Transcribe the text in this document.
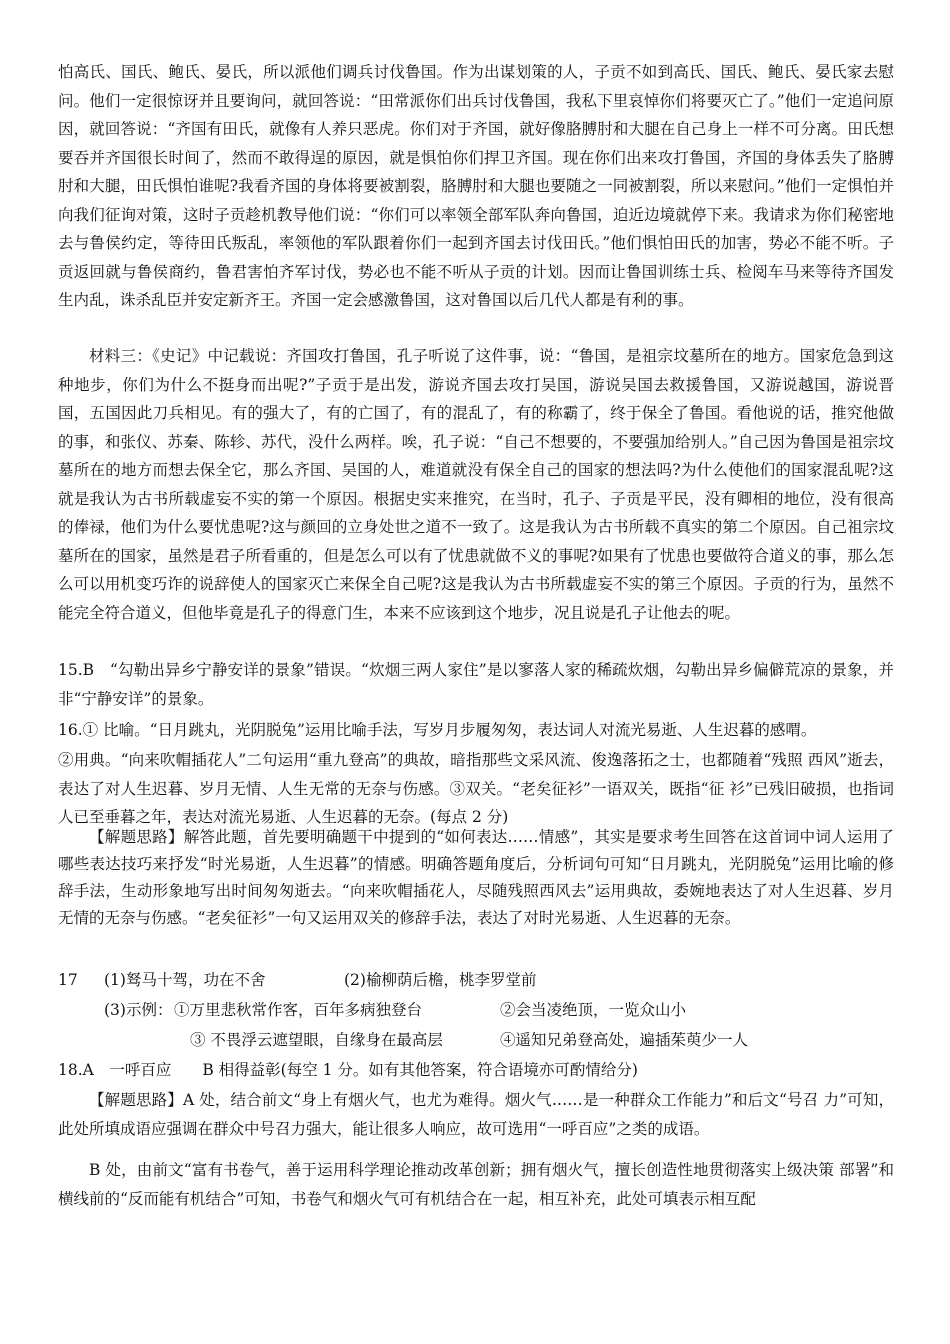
怕高氏、国氏、鲍氏、晏氏，所以派他们调兵讨伐鲁国。作为出谋划策的人，子贡不如到高氏、国氏、鲍氏、晏氏家去慰问。他们一定很惊讶并且要询问，就回答说：“田常派你们出兵讨伐鲁国，我私下里哀悼你们将要灭亡了。”他们一定追问原因，就回答说：“齐国有田氏，就像有人养只恶虎。你们对于齐国，就好像胳膊肘和大腿在自己身上一样不可分离。田氏想要吞并齐国很长时间了，然而不敢得逞的原因，就是惧怕你们捍卫齐国。现在你们出来攻打鲁国，齐国的身体丢失了胳膊肘和大腿，田氏惧怕谁呢?我看齐国的身体将要被割裂，胳膊肘和大腿也要随之一同被割裂，所以来慰问。”他们一定惧怕并向我们征询对策，这时子贡趁机教导他们说：“你们可以率领全部军队奔向鲁国，迫近边境就停下来。我请求为你们秘密地去与鲁侯约定，等待田氏叛乱，率领他的军队跟着你们一起到齐国去讨伐田氏。”他们惧怕田氏的加害，势必不能不听。子贡返回就与鲁侯商约，鲁君害怕齐军讨伐，势必也不能不听从子贡的计划。因而让鲁国训练士兵、检阅车马来等待齐国发生内乱，诛杀乱臣并安定新齐王。齐国一定会感激鲁国，这对鲁国以后几代人都是有利的事。

材料三：《史记》中记载说：齐国攻打鲁国，孔子听说了这件事，说：“鲁国，是祖宗坟墓所在的地方。国家危急到这种地步，你们为什么不挺身而出呢?”子贡于是出发，游说齐国去攻打吴国，游说吴国去救援鲁国，又游说越国，游说晋国，五国因此刀兵相见。有的强大了，有的亡国了，有的混乱了，有的称霸了，终于保全了鲁国。看他说的话，推究他做的事，和张仪、苏秦、陈轸、苏代，没什么两样。唉，孔子说：“自己不想要的，不要强加给别人。”自己因为鲁国是祖宗坟墓所在的地方而想去保全它，那么齐国、吴国的人，难道就没有保全自己的国家的想法吗?为什么使他们的国家混乱呢?这就是我认为古书所载虚妄不实的第一个原因。根据史实来推究，在当时，孔子、子贡是平民，没有卿相的地位，没有很高的俸禄，他们为什么要忧患呢?这与颜回的立身处世之道不一致了。这是我认为古书所载不真实的第二个原因。自己祖宗坟墓所在的国家，虽然是君子所看重的，但是怎么可以有了忧患就做不义的事呢?如果有了忧患也要做符合道义的事，那么怎么可以用机变巧诈的说辞使人的国家灭亡来保全自己呢?这是我认为古书所载虚妄不实的第三个原因。子贡的行为，虽然不能完全符合道义，但他毕竟是孔子的得意门生，本来不应该到这个地步，况且说是孔子让他去的呢。

15.B　“勾勒出异乡宁静安详的景象”错误。“炊烟三两人家住”是以寥落人家的稀疏炊烟，勾勒出异乡偏僻荒凉的景象，并非“宁静安详”的景象。

16.① 比喻。“日月跳丸，光阴脱兔”运用比喻手法，写岁月步履匆匆，表达词人对流光易逝、人生迟暮的感喟。

②用典。“向来吹帽插花人”二句运用“重九登高”的典故，暗指那些文采风流、俊逸落拓之士，也都随着“残照 西风”逝去，表达了对人生迟暮、岁月无情、人生无常的无奈与伤感。③双关。“老矣征衫”一语双关，既指“征 衫”已残旧破损，也指词人已至垂暮之年，表达对流光易逝、人生迟暮的无奈。(每点 2 分)

【解题思路】解答此题，首先要明确题干中提到的“如何表达……情感”，其实是要求考生回答在这首词中词人运用了哪些表达技巧来抒发“时光易逝，人生迟暮”的情感。明确答题角度后，分析词句可知“日月跳丸，光阴脱兔”运用比喻的修辞手法，生动形象地写出时间匆匆逝去。“向来吹帽插花人，尽随残照西风去”运用典故，委婉地表达了对人生迟暮、岁月无情的无奈与伤感。“老矣征衫”一句又运用双关的修辞手法，表达了对时光易逝、人生迟暮的无奈。

17 (1)驽马十驾，功在不舍	(2)榆柳荫后檐，桃李罗堂前
(3)示例： ①万里悲秋常作客，百年多病独登台	②会当凌绝顶，一览众山小
③ 不畏浮云遮望眼，自缘身在最高层	④遥知兄弟登高处，遍插茱萸少一人
18.A　一呼百应　　B 相得益彰(每空 1 分。如有其他答案，符合语境亦可酌情给分)

【解题思路】A 处，结合前文“身上有烟火气，也尤为难得。烟火气……是一种群众工作能力”和后文“号召 力”可知，此处所填成语应强调在群众中号召力强大，能让很多人响应，故可选用“一呼百应”之类的成语。

B 处，由前文“富有书卷气，善于运用科学理论推动改革创新；拥有烟火气，擅长创造性地贯彻落实上级决策 部署”和横线前的“反而能有机结合”可知，书卷气和烟火气可有机结合在一起，相互补充，此处可填表示相互配
